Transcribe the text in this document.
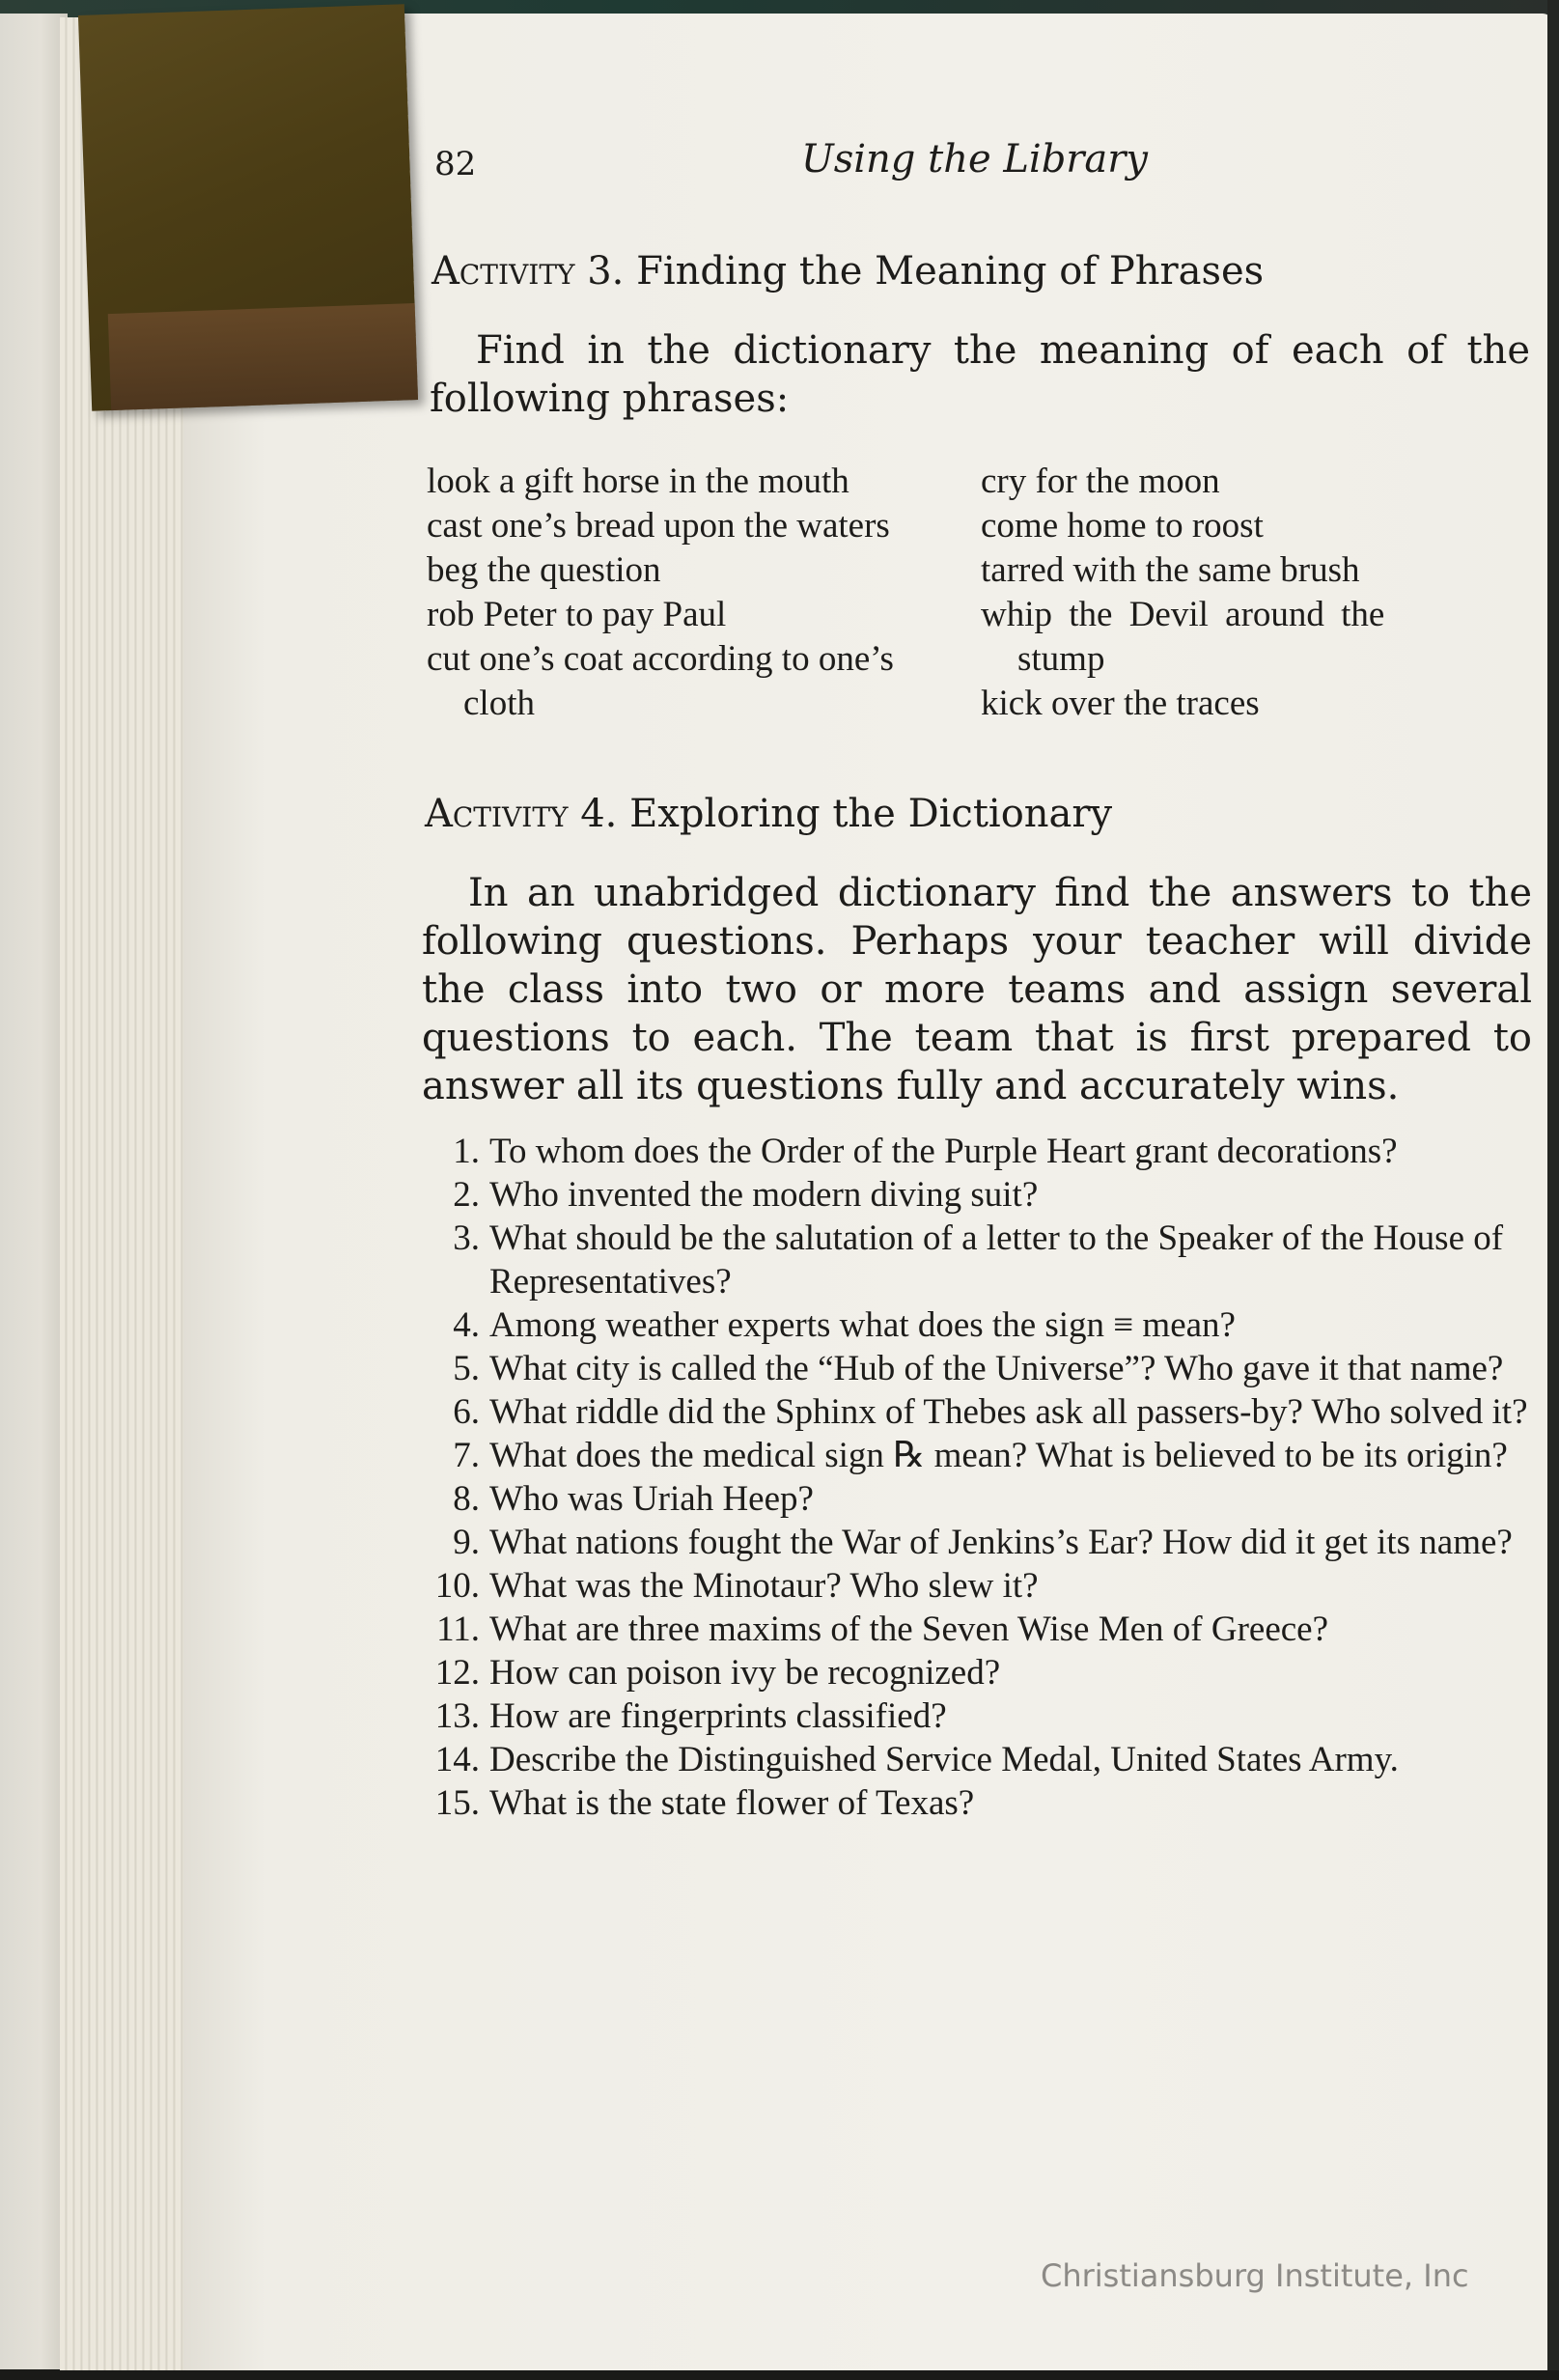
82	Using the Library
Activity 3. Finding the Meaning of Phrases
Find in the dictionary the meaning of each of the following phrases:
look a gift horse in the mouth
cast one’s bread upon the waters
beg the question
rob Peter to pay Paul
cut one’s coat according to one’s
cloth
cry for the moon
come home to roost
tarred with the same brush
whip the Devil around the
stump
kick over the traces
Activity 4. Exploring the Dictionary
In an unabridged dictionary find the answers to the following questions. Perhaps your teacher will divide the class into two or more teams and assign several questions to each. The team that is first prepared to answer all its questions fully and accurately wins.
1. To whom does the Order of the Purple Heart grant decorations?
2. Who invented the modern diving suit?
3. What should be the salutation of a letter to the Speaker of the House of Representatives?
4. Among weather experts what does the sign ≡ mean?
5. What city is called the “Hub of the Universe”? Who gave it that name?
6. What riddle did the Sphinx of Thebes ask all passers-by? Who solved it?
7. What does the medical sign ℞ mean? What is believed to be its origin?
8. Who was Uriah Heep?
9. What nations fought the War of Jenkins’s Ear? How did it get its name?
10. What was the Minotaur? Who slew it?
11. What are three maxims of the Seven Wise Men of Greece?
12. How can poison ivy be recognized?
13. How are fingerprints classified?
14. Describe the Distinguished Service Medal, United States Army.
15. What is the state flower of Texas?
Christiansburg Institute, Inc
